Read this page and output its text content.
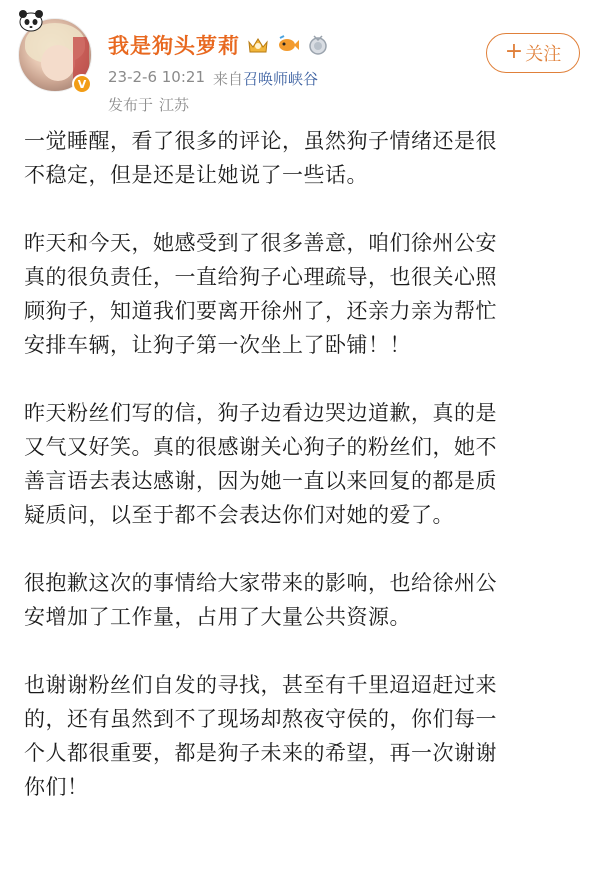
V
我是狗头萝莉
23-2-6 10:21 来自召唤师峡谷
发布于 江苏
+ 关注

一觉睡醒，看了很多的评论，虽然狗子情绪还是很
不稳定，但是还是让她说了一些话。

昨天和今天，她感受到了很多善意，咱们徐州公安
真的很负责任，一直给狗子心理疏导，也很关心照
顾狗子，知道我们要离开徐州了，还亲力亲为帮忙
安排车辆，让狗子第一次坐上了卧铺！！

昨天粉丝们写的信，狗子边看边哭边道歉，真的是
又气又好笑。真的很感谢关心狗子的粉丝们，她不
善言语去表达感谢，因为她一直以来回复的都是质
疑质问，以至于都不会表达你们对她的爱了。

很抱歉这次的事情给大家带来的影响，也给徐州公
安增加了工作量，占用了大量公共资源。

也谢谢粉丝们自发的寻找，甚至有千里迢迢赶过来
的，还有虽然到不了现场却熬夜守侯的，你们每一
个人都很重要，都是狗子未来的希望，再一次谢谢
你们！
